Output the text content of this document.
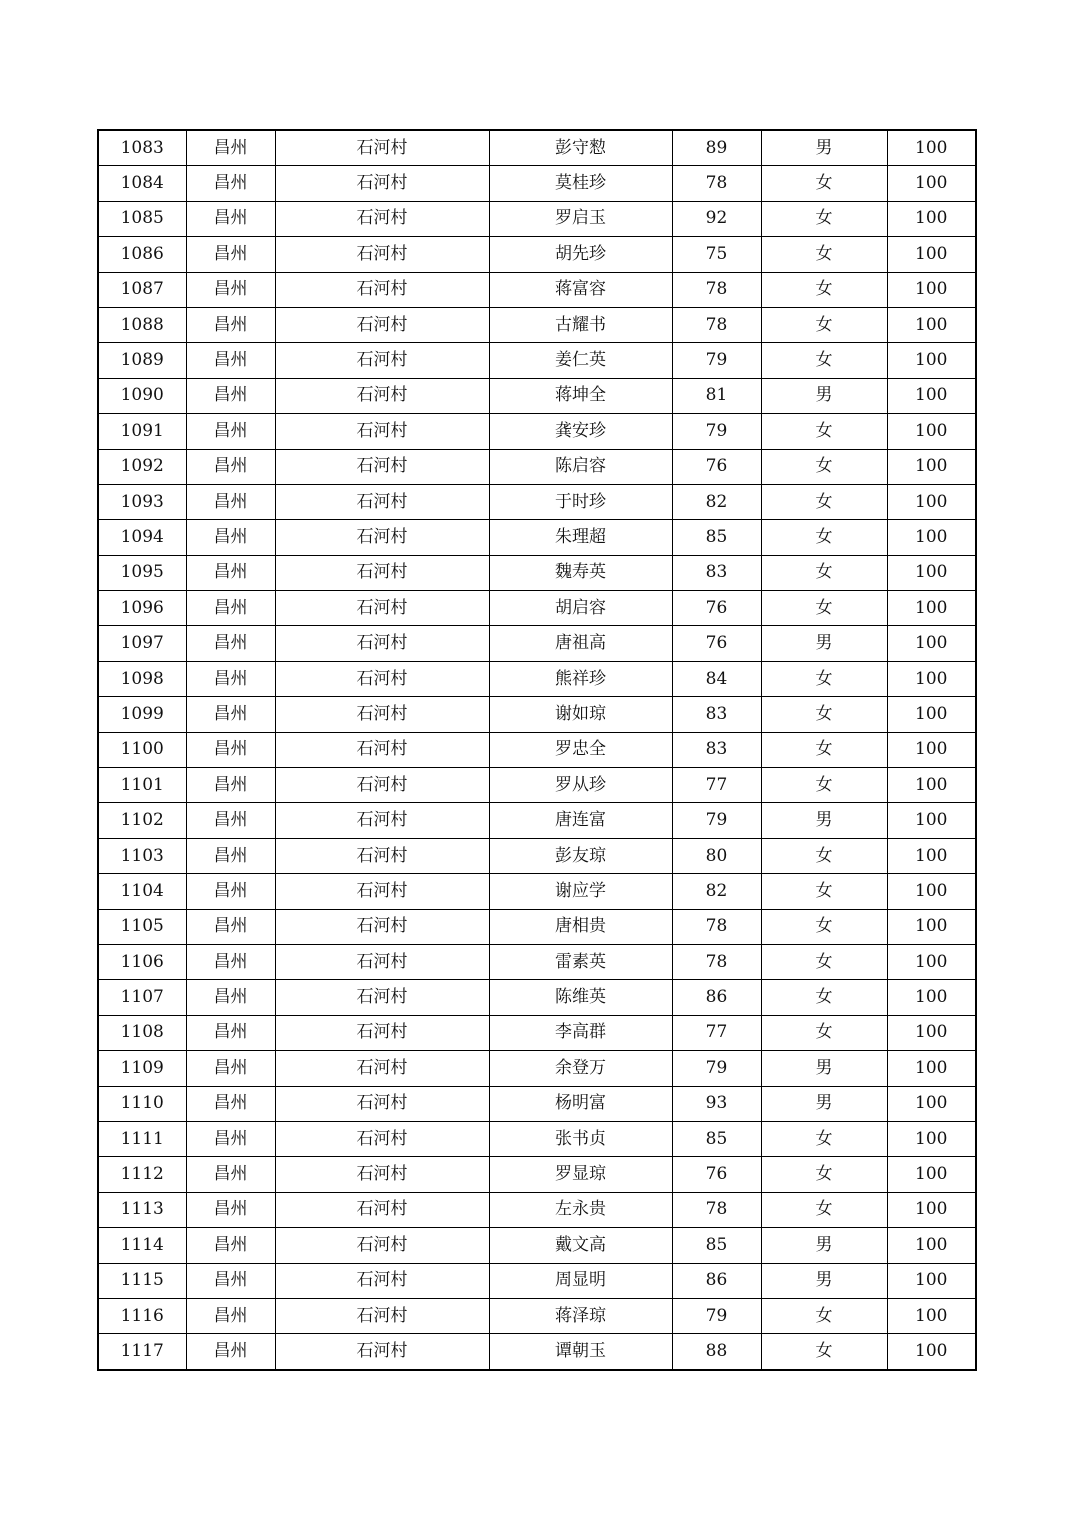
1083	昌州	石河村	彭守愸	89	男	100
1084	昌州	石河村	莫桂珍	78	女	100
1085	昌州	石河村	罗启玉	92	女	100
1086	昌州	石河村	胡先珍	75	女	100
1087	昌州	石河村	蒋富容	78	女	100
1088	昌州	石河村	古耀书	78	女	100
1089	昌州	石河村	姜仁英	79	女	100
1090	昌州	石河村	蒋坤全	81	男	100
1091	昌州	石河村	龚安珍	79	女	100
1092	昌州	石河村	陈启容	76	女	100
1093	昌州	石河村	于时珍	82	女	100
1094	昌州	石河村	朱理超	85	女	100
1095	昌州	石河村	魏寿英	83	女	100
1096	昌州	石河村	胡启容	76	女	100
1097	昌州	石河村	唐祖高	76	男	100
1098	昌州	石河村	熊祥珍	84	女	100
1099	昌州	石河村	谢如琼	83	女	100
1100	昌州	石河村	罗忠全	83	女	100
1101	昌州	石河村	罗从珍	77	女	100
1102	昌州	石河村	唐连富	79	男	100
1103	昌州	石河村	彭友琼	80	女	100
1104	昌州	石河村	谢应学	82	女	100
1105	昌州	石河村	唐相贵	78	女	100
1106	昌州	石河村	雷素英	78	女	100
1107	昌州	石河村	陈维英	86	女	100
1108	昌州	石河村	李高群	77	女	100
1109	昌州	石河村	余登万	79	男	100
1110	昌州	石河村	杨明富	93	男	100
1111	昌州	石河村	张书贞	85	女	100
1112	昌州	石河村	罗显琼	76	女	100
1113	昌州	石河村	左永贵	78	女	100
1114	昌州	石河村	戴文高	85	男	100
1115	昌州	石河村	周显明	86	男	100
1116	昌州	石河村	蒋泽琼	79	女	100
1117	昌州	石河村	谭朝玉	88	女	100
